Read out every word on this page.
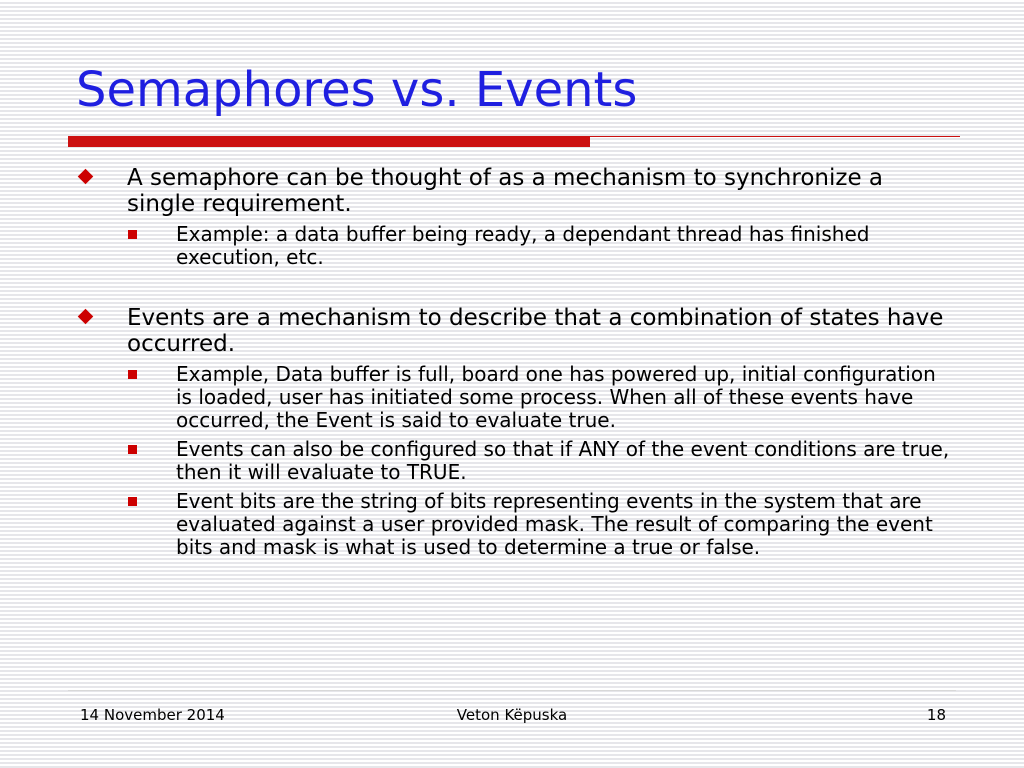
Semaphores vs. Events
A semaphore can be thought of as a mechanism to synchronize a single requirement.
Example: a data buffer being ready, a dependant thread has finished execution, etc.
Events are a mechanism to describe that a combination of states have occurred.
Example, Data buffer is full, board one has powered up, initial configuration is loaded, user has initiated some process. When all of these events have occurred, the Event is said to evaluate true.
Events can also be configured so that if ANY of the event conditions are true, then it will evaluate to TRUE.
Event bits are the string of bits representing events in the system that are evaluated against a user provided mask. The result of comparing the event bits and mask is what is used to determine a true or false.
14 November 2014	Veton Këpuska	18
